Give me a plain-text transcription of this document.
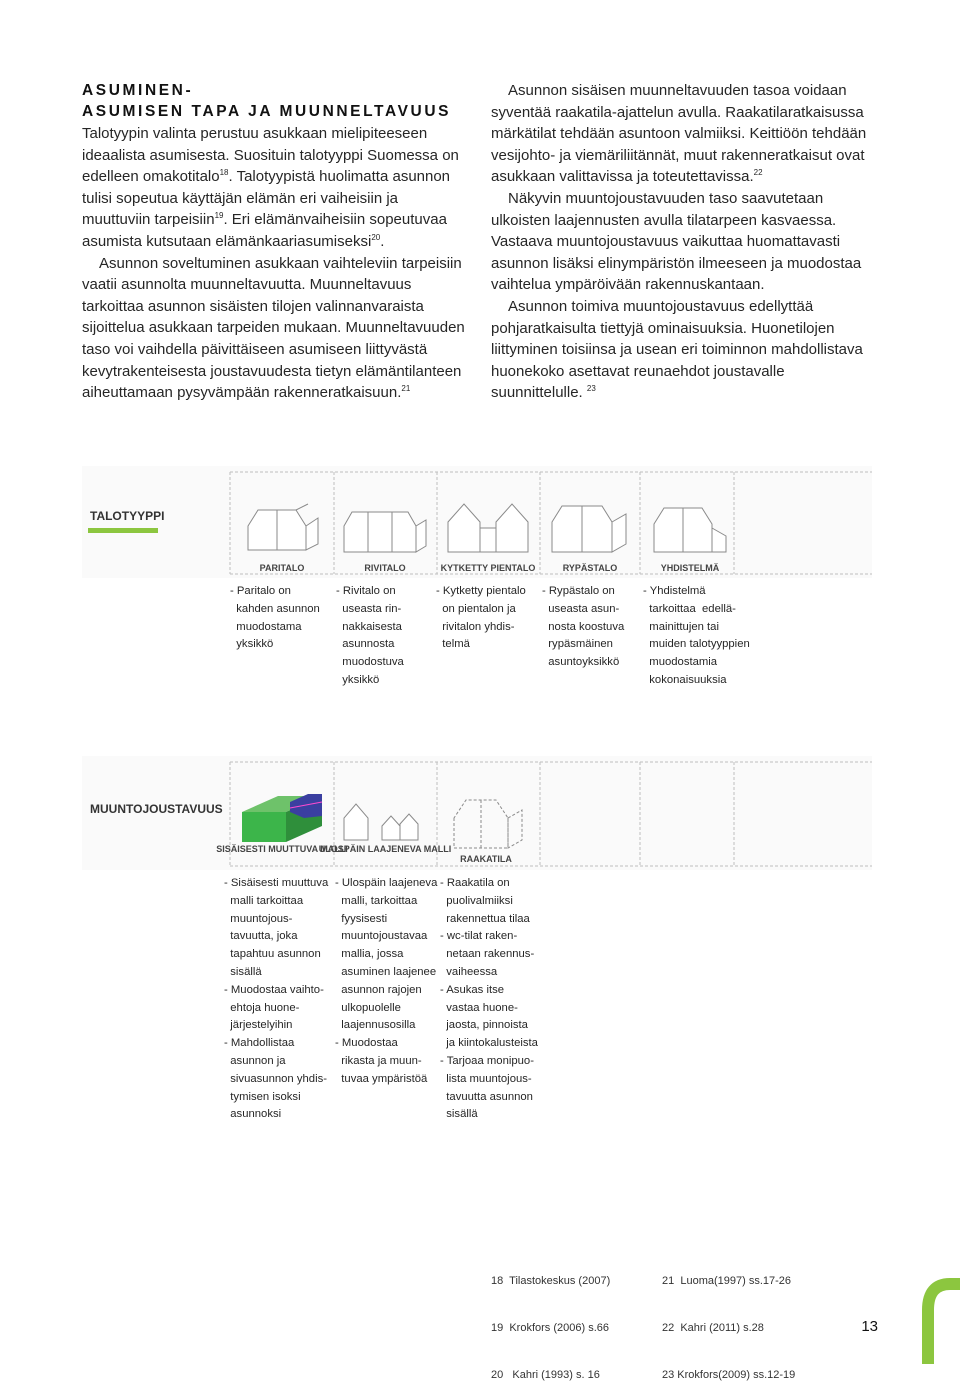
ASUMINEN-
ASUMISEN TAPA JA MUUNNELTAVUUS

Talotyypin valinta perustuu asukkaan mielipiteeseen ideaalista asumisesta. Suosituin talotyyppi Suomessa on edelleen omakotitalo$^{18}$. Talotyypistä huolimatta asunnon tulisi sopeutua käyttäjän elämän eri vaiheisiin ja muuttuviin tarpeisiin$^{19}$. Eri elämänvaiheisiin sopeutuvaa asumista kutsutaan elämänkaariasumiseksi$^{20}$.

Asunnon soveltuminen asukkaan vaihteleviin tarpeisiin vaatii asunnolta muunneltavuutta. Muunneltavuus tarkoittaa asunnon sisäisten tilojen valinnanvaraista sijoittelua asukkaan tarpeiden mukaan. Muunneltavuuden taso voi vaihdella päivittäiseen asumiseen liittyvästä kevytrakenteisesta joustavuudesta tietyn elämäntilanteen aiheuttamaan pysyvämpään rakenneratkaisuun.$^{21}$

Asunnon sisäisen muunneltavuuden tasoa voidaan syventää raakatila-ajattelun avulla. Raakatilaratkaisussa märkätilat tehdään asuntoon valmiiksi. Keittiöön tehdään vesijohto- ja viemäriliitännät, muut rakenneratkaisut ovat asukkaan valittavissa ja toteutettavissa.$^{22}$

Näkyvin muuntojoustavuuden taso saavutetaan ulkoisten laajennusten avulla tilatarpeen kasvaessa. Vastaava muuntojoustavuus vaikuttaa huomattavasti asunnon lisäksi elinympäristön ilmeeseen ja muodostaa vaihtelua ympäröivään rakennuskantaan.

Asunnon toimiva muuntojoustavuus edellyttää pohjaratkaisulta tiettyjä ominaisuuksia. Huonetilojen liittyminen toisiinsa ja usean eri toiminnon mahdollistava huonekoko asettavat reunaehdot joustavalle suunnittelulle. $^{23}$

TALOTYYPPI
PARITALO	RIVITALO	KYTKETTY PIENTALO	RYPÄSTALO	YHDISTELMÄ
- Paritalo on
kahden asunnon
muodostama
yksikkö
- Rivitalo on
useasta rin-
nakkaisesta
asunnosta
muodostuva
yksikkö
- Kytketty pientalo
on pientalon ja
rivitalon yhdis-
telmä
- Rypästalo on
useasta asun-
nosta koostuva
rypäsmäinen
asuntoyksikkö
- Yhdistelmä
tarkoittaa  edellä-
mainittujen tai
muiden talotyyppien
muodostamia
kokonaisuuksia
MUUNTOJOUSTAVUUS
SISÄISESTI MUUTTUVA MALLI
ULOSPÄIN LAAJENEVA MALLI
RAAKATILA
- Sisäisesti muuttuva
malli tarkoittaa
muuntojous-
tavuutta, joka
tapahtuu asunnon
sisällä
- Muodostaa vaihto-
ehtoja huone-
järjestelyihin
- Mahdollistaa
asunnon ja
sivuasunnon yhdis-
tymisen isoksi
asunnoksi
- Ulospäin laajeneva
malli, tarkoittaa
fyysisesti
muuntojoustavaa
mallia, jossa
asuminen laajenee
asunnon rajojen
ulkopuolelle
laajennusosilla
- Muodostaa
rikasta ja muun-
tuvaa ympäristöä
- Raakatila on
puolivalmiiksi
rakennettua tilaa
- wc-tilat raken-
netaan rakennus-
vaiheessa
- Asukas itse
vastaa huone-
jaosta, pinnoista
ja kiintokalusteista
- Tarjoaa monipuo-
lista muuntojous-
tavuutta asunnon
sisällä

18  Tilastokeskus (2007)

19  Krokfors (2006) s.66

20   Kahri (1993) s. 16

21  Luoma(1997) ss.17-26

22  Kahri (2011) s.28

23 Krokfors(2009) ss.12-19

13
